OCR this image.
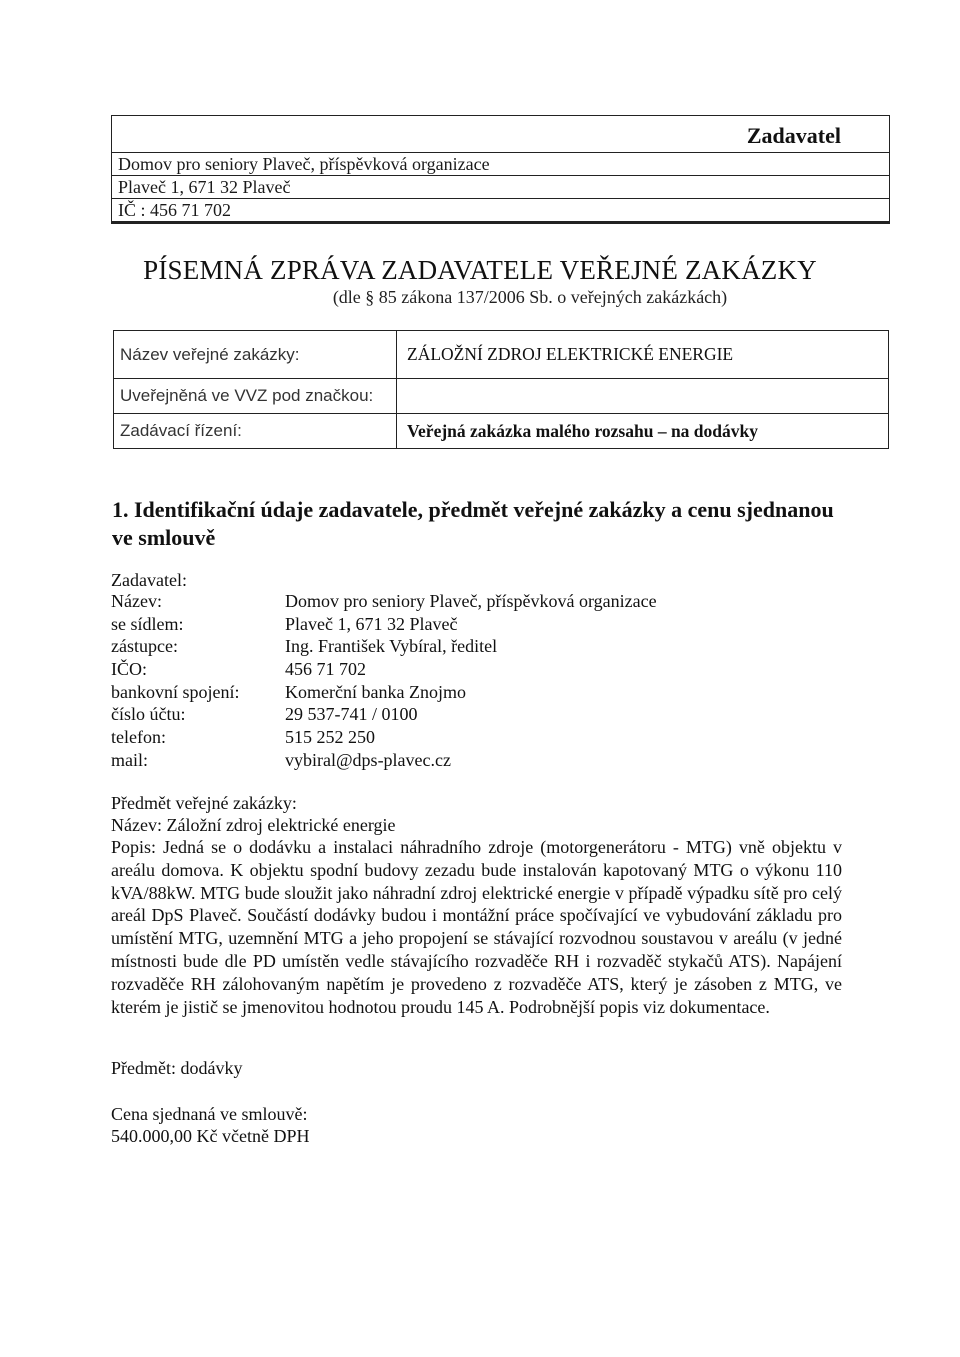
Zadavatel
Domov pro seniory Plaveč, příspěvková organizace
Plaveč 1, 671 32 Plaveč
IČ : 456 71 702
PÍSEMNÁ ZPRÁVA ZADAVATELE VEŘEJNÉ ZAKÁZKY
(dle § 85 zákona 137/2006 Sb. o veřejných zakázkách)
Název veřejné zakázky:	ZÁLOŽNÍ ZDROJ ELEKTRICKÉ ENERGIE
Uveřejněná ve VVZ pod značkou:	
Zadávací řízení:	Veřejná zakázka malého rozsahu – na dodávky
1. Identifikační údaje zadavatele, předmět veřejné zakázky a cenu sjednanou ve smlouvě
Zadavatel:
Název:	Domov pro seniory Plaveč, příspěvková organizace
se sídlem:	Plaveč 1, 671 32 Plaveč
zástupce:	Ing. František Vybíral, ředitel
IČO:	456 71 702
bankovní spojení:	Komerční banka Znojmo
číslo účtu:	29 537-741 / 0100
telefon:	515 252 250
mail:	vybiral@dps-plavec.cz
Předmět veřejné zakázky:
Název: Záložní zdroj elektrické energie
Popis: Jedná se o dodávku a instalaci náhradního zdroje (motorgenerátoru - MTG) vně objektu v areálu domova. K objektu spodní budovy zezadu bude instalován kapotovaný MTG o výkonu 110 kVA/88kW. MTG bude sloužit jako náhradní zdroj elektrické energie v případě výpadku sítě pro celý areál DpS Plaveč. Součástí dodávky budou i montážní práce spočívající ve vybudování základu pro umístění MTG, uzemnění MTG a jeho propojení se stávající rozvodnou soustavou v areálu (v jedné místnosti bude dle PD umístěn vedle stávajícího rozvaděče RH i rozvaděč stykačů ATS). Napájení rozvaděče RH zálohovaným napětím je provedeno z rozvaděče ATS, který je zásoben z MTG, ve kterém je jistič se jmenovitou hodnotou proudu 145 A. Podrobnější popis viz dokumentace.
Předmět: dodávky
Cena sjednaná ve smlouvě:
540.000,00 Kč včetně DPH
